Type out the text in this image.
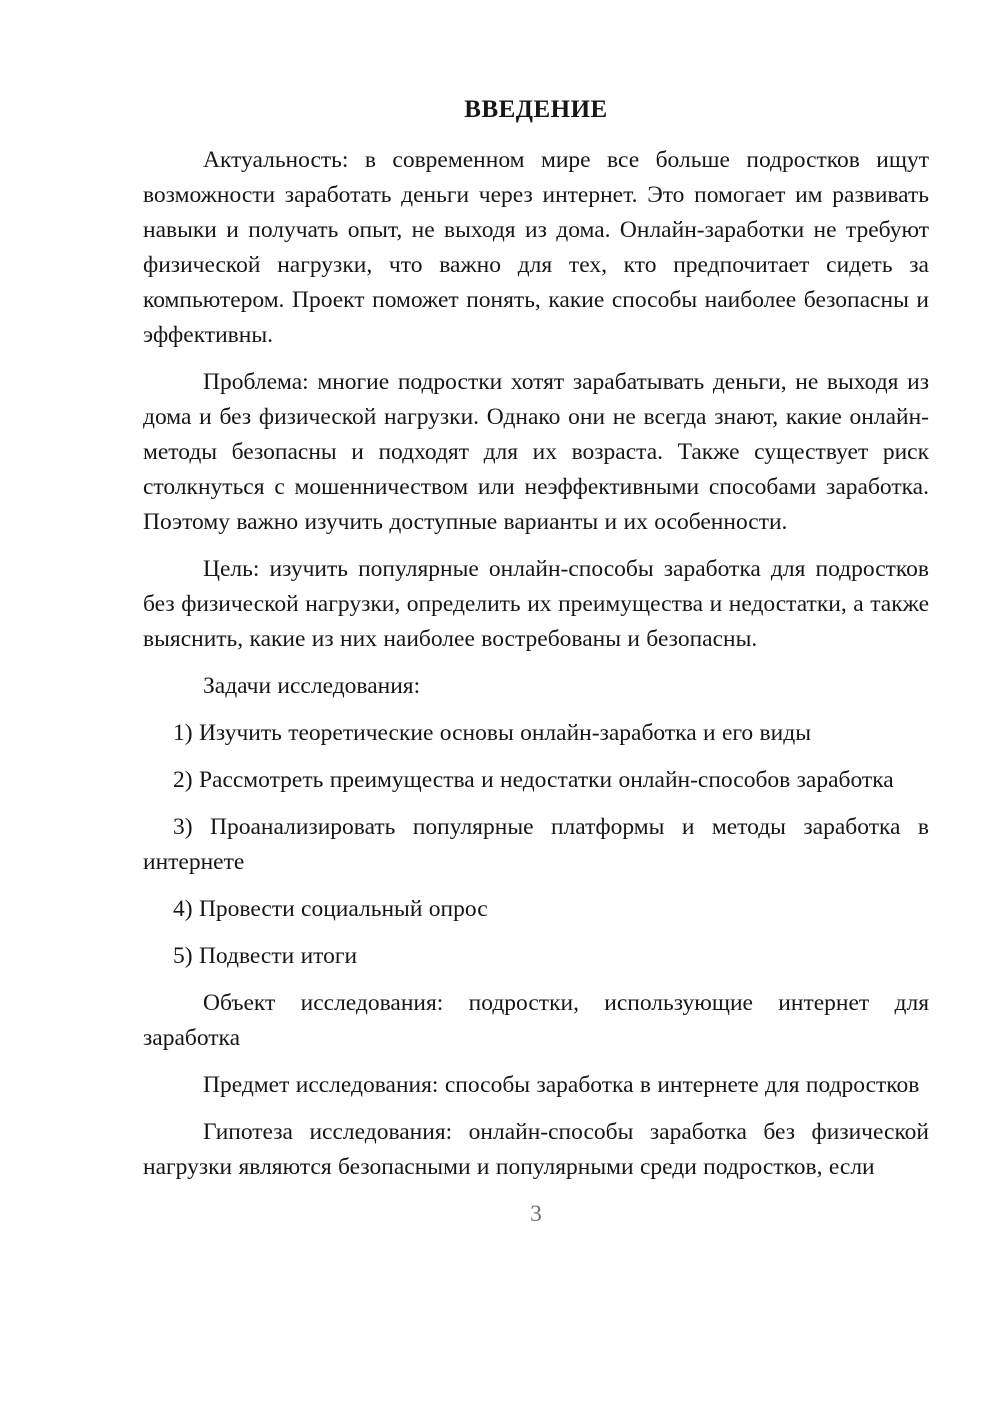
ВВЕДЕНИЕ

Актуальность: в современном мире все больше подростков ищут возможности заработать деньги через интернет. Это помогает им развивать навыки и получать опыт, не выходя из дома. Онлайн-заработки не требуют физической нагрузки, что важно для тех, кто предпочитает сидеть за компьютером. Проект поможет понять, какие способы наиболее безопасны и эффективны.

Проблема: многие подростки хотят зарабатывать деньги, не выходя из дома и без физической нагрузки. Однако они не всегда знают, какие онлайн-методы безопасны и подходят для их возраста. Также существует риск столкнуться с мошенничеством или неэффективными способами заработка. Поэтому важно изучить доступные варианты и их особенности.

Цель: изучить популярные онлайн-способы заработка для подростков без физической нагрузки, определить их преимущества и недостатки, а также выяснить, какие из них наиболее востребованы и безопасны.

Задачи исследования:

1) Изучить теоретические основы онлайн-заработка и его виды

2) Рассмотреть преимущества и недостатки онлайн-способов заработка

3) Проанализировать популярные платформы и методы заработка в интернете

4) Провести социальный опрос

5) Подвести итоги

Объект исследования: подростки, использующие интернет для заработка

Предмет исследования: способы заработка в интернете для подростков

Гипотеза исследования: онлайн-способы заработка без физической нагрузки являются безопасными и популярными среди подростков, если

3
